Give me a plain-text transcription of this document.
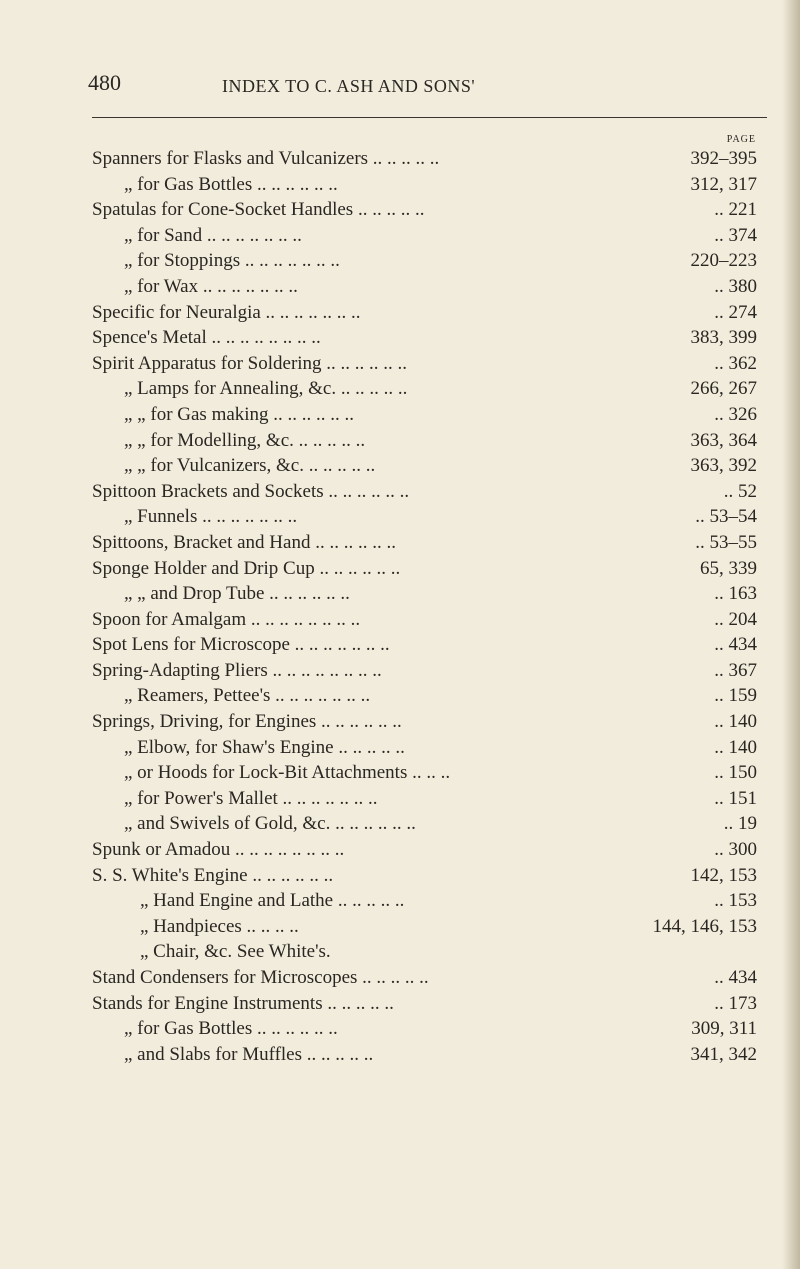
480	INDEX TO C. ASH AND SONS'
PAGE
Spanners for Flasks and Vulcanizers .. .. .. .. ..	392–395
„ for Gas Bottles .. .. .. .. .. ..	312, 317
Spatulas for Cone-Socket Handles .. .. .. .. ..	.. 221
„ for Sand .. .. .. .. .. .. ..	.. 374
„ for Stoppings .. .. .. .. .. .. ..	220–223
„ for Wax .. .. .. .. .. .. ..	.. 380
Specific for Neuralgia .. .. .. .. .. .. ..	.. 274
Spence's Metal .. .. .. .. .. .. .. ..	383, 399
Spirit Apparatus for Soldering .. .. .. .. .. ..	.. 362
„ Lamps for Annealing, &c. .. .. .. .. ..	266, 267
„ „ for Gas making .. .. .. .. .. ..	.. 326
„ „ for Modelling, &c. .. .. .. .. ..	363, 364
„ „ for Vulcanizers, &c. .. .. .. .. ..	363, 392
Spittoon Brackets and Sockets .. .. .. .. .. ..	.. 52
„ Funnels .. .. .. .. .. .. ..	.. 53–54
Spittoons, Bracket and Hand .. .. .. .. .. ..	.. 53–55
Sponge Holder and Drip Cup .. .. .. .. .. ..	65, 339
„ „ and Drop Tube .. .. .. .. .. ..	.. 163
Spoon for Amalgam .. .. .. .. .. .. .. ..	.. 204
Spot Lens for Microscope .. .. .. .. .. .. ..	.. 434
Spring-Adapting Pliers .. .. .. .. .. .. .. ..	.. 367
„ Reamers, Pettee's .. .. .. .. .. .. ..	.. 159
Springs, Driving, for Engines .. .. .. .. .. ..	.. 140
„ Elbow, for Shaw's Engine .. .. .. .. ..	.. 140
„ or Hoods for Lock-Bit Attachments .. .. ..	.. 150
„ for Power's Mallet .. .. .. .. .. .. ..	.. 151
„ and Swivels of Gold, &c. .. .. .. .. .. ..	.. 19
Spunk or Amadou .. .. .. .. .. .. .. ..	.. 300
S. S. White's Engine .. .. .. .. .. ..	142, 153
„ Hand Engine and Lathe .. .. .. .. ..	.. 153
„ Handpieces .. .. .. ..	144, 146, 153
„ Chair, &c. See White's.
Stand Condensers for Microscopes .. .. .. .. ..	.. 434
Stands for Engine Instruments .. .. .. .. ..	.. 173
„ for Gas Bottles .. .. .. .. .. ..	309, 311
„ and Slabs for Muffles .. .. .. .. ..	341, 342
